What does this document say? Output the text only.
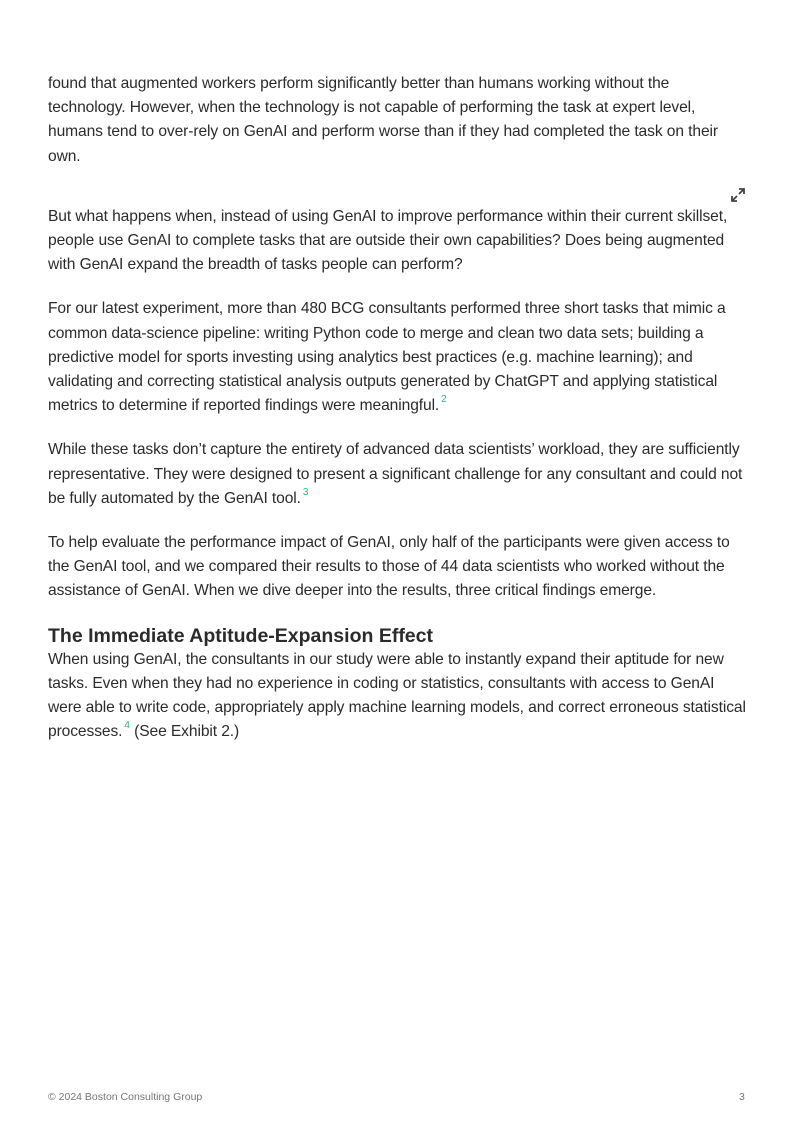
found that augmented workers perform significantly better than humans working without the technology. However, when the technology is not capable of performing the task at expert level, humans tend to over-rely on GenAI and perform worse than if they had completed the task on their own.

But what happens when, instead of using GenAI to improve performance within their current skillset, people use GenAI to complete tasks that are outside their own capabilities? Does being augmented with GenAI expand the breadth of tasks people can perform?

For our latest experiment, more than 480 BCG consultants performed three short tasks that mimic a common data-science pipeline: writing Python code to merge and clean two data sets; building a predictive model for sports investing using analytics best practices (e.g. machine learning); and validating and correcting statistical analysis outputs generated by ChatGPT and applying statistical metrics to determine if reported findings were meaningful. $^2$

While these tasks don’t capture the entirety of advanced data scientists’ workload, they are sufficiently representative. They were designed to present a significant challenge for any consultant and could not be fully automated by the GenAI tool. $^3$

To help evaluate the performance impact of GenAI, only half of the participants were given access to the GenAI tool, and we compared their results to those of 44 data scientists who worked without the assistance of GenAI. When we dive deeper into the results, three critical findings emerge.

The Immediate Aptitude-Expansion Effect

When using GenAI, the consultants in our study were able to instantly expand their aptitude for new tasks. Even when they had no experience in coding or statistics, consultants with access to GenAI were able to write code, appropriately apply machine learning models, and correct erroneous statistical processes. $^4$ (See Exhibit 2.)

© 2024 Boston Consulting Group	3
